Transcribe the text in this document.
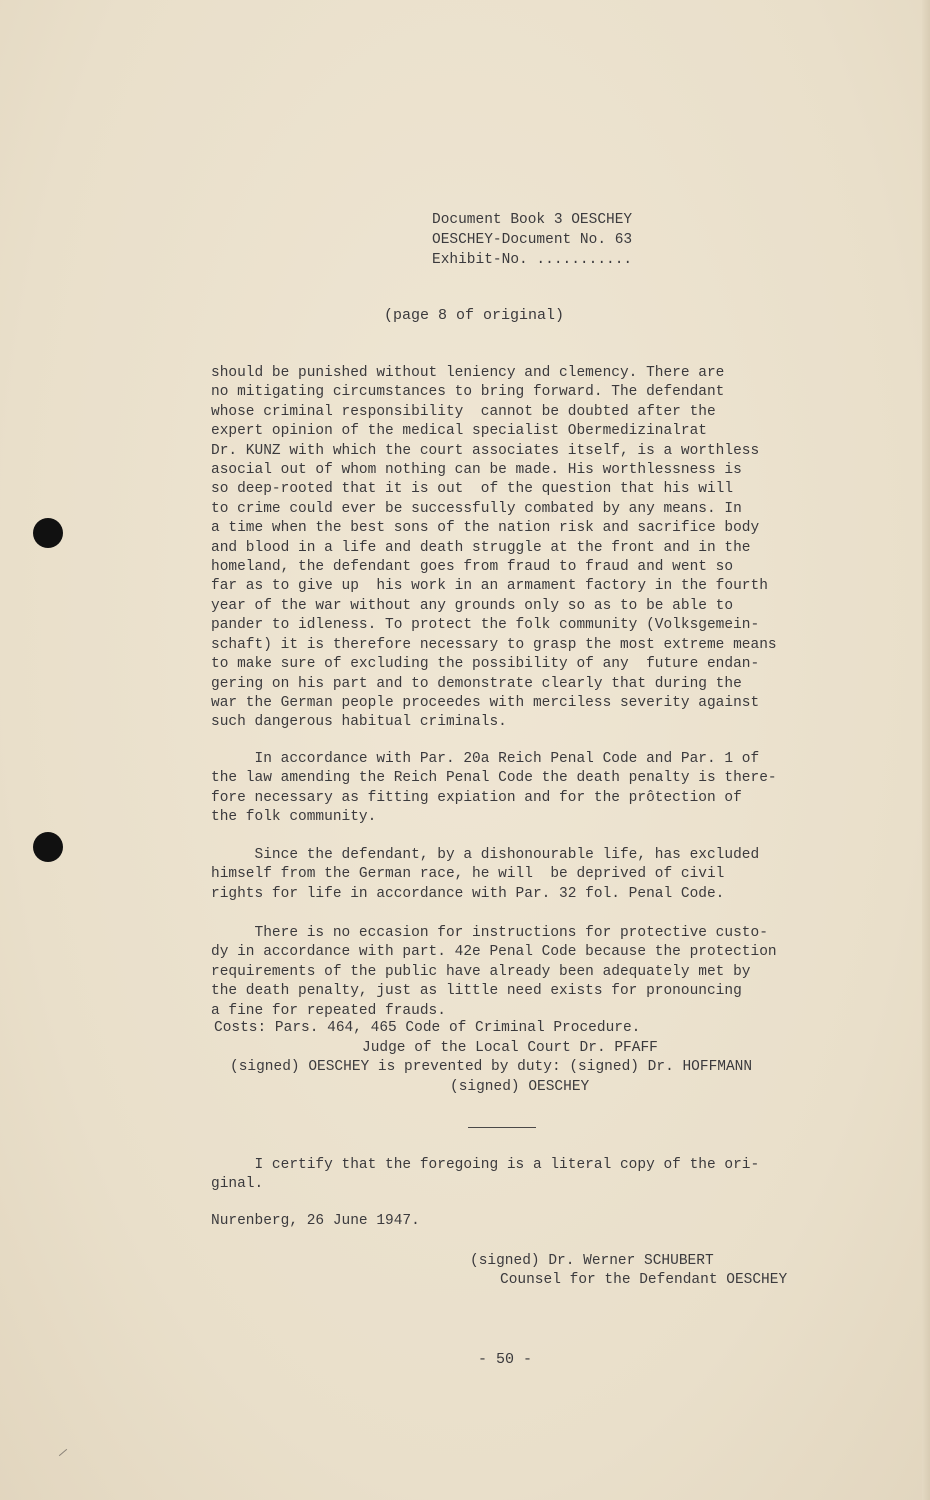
Document Book 3 OESCHEY
OESCHEY-Document No. 63
Exhibit-No. ...........
(page 8 of original)
should be punished without leniency and clemency. There are
no mitigating circumstances to bring forward. The defendant
whose criminal responsibility  cannot be doubted after the
expert opinion of the medical specialist Obermedizinalrat
Dr. KUNZ with which the court associates itself, is a worthless
asocial out of whom nothing can be made. His worthlessness is
so deep-rooted that it is out  of the question that his will
to crime could ever be successfully combated by any means. In
a time when the best sons of the nation risk and sacrifice body
and blood in a life and death struggle at the front and in the
homeland, the defendant goes from fraud to fraud and went so
far as to give up  his work in an armament factory in the fourth
year of the war without any grounds only so as to be able to
pander to idleness. To protect the folk community (Volksgemein-
schaft) it is therefore necessary to grasp the most extreme means
to make sure of excluding the possibility of any  future endan-
gering on his part and to demonstrate clearly that during the
war the German people proceedes with merciless severity against
such dangerous habitual criminals.
In accordance with Par. 20a Reich Penal Code and Par. 1 of
the law amending the Reich Penal Code the death penalty is there-
fore necessary as fitting expiation and for the prôtection of
the folk community.
Since the defendant, by a dishonourable life, has excluded
himself from the German race, he will  be deprived of civil
rights for life in accordance with Par. 32 fol. Penal Code.
There is no eccasion for instructions for protective custo-
dy in accordance with part. 42e Penal Code because the protection
requirements of the public have already been adequately met by
the death penalty, just as little need exists for pronouncing
a fine for repeated frauds.
Costs: Pars. 464, 465 Code of Criminal Procedure.
Judge of the Local Court Dr. PFAFF
(signed) OESCHEY is prevented by duty: (signed) Dr. HOFFMANN
(signed) OESCHEY
I certify that the foregoing is a literal copy of the ori-
ginal.
Nurenberg, 26 June 1947.
(signed) Dr. Werner SCHUBERT
Counsel for the Defendant OESCHEY
- 50 -
